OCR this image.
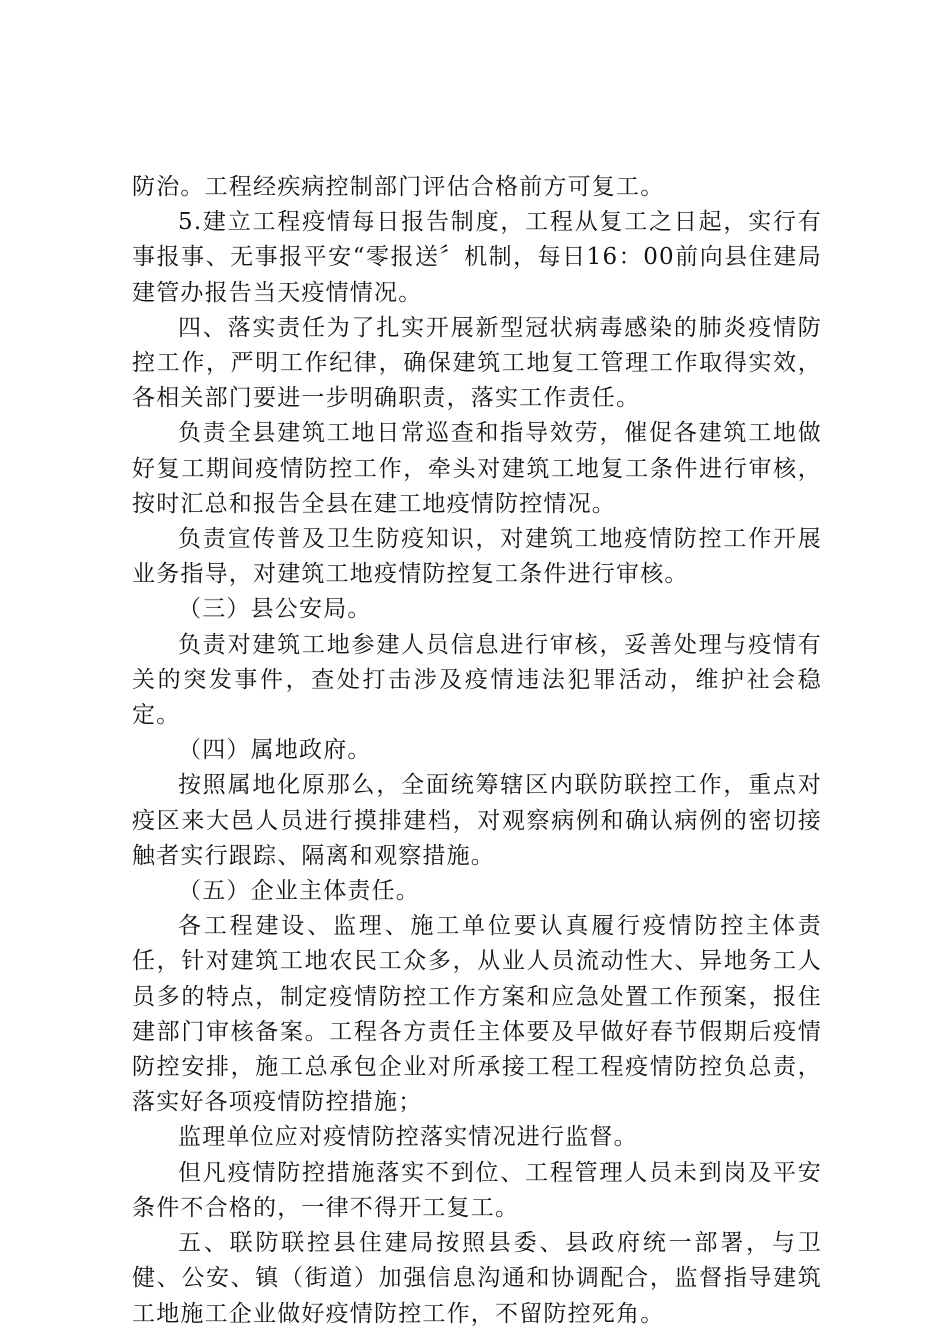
防治。工程经疾病控制部门评估合格前方可复工。

5.建立工程疫情每日报告制度，工程从复工之日起，实行有事报事、无事报平安“零报送〞机制，每日16：00前向县住建局建管办报告当天疫情情况。

四、落实责任为了扎实开展新型冠状病毒感染的肺炎疫情防控工作，严明工作纪律，确保建筑工地复工管理工作取得实效，各相关部门要进一步明确职责，落实工作责任。

负责全县建筑工地日常巡查和指导效劳，催促各建筑工地做好复工期间疫情防控工作，牵头对建筑工地复工条件进行审核，按时汇总和报告全县在建工地疫情防控情况。

负责宣传普及卫生防疫知识，对建筑工地疫情防控工作开展业务指导，对建筑工地疫情防控复工条件进行审核。

（三）县公安局。

负责对建筑工地参建人员信息进行审核，妥善处理与疫情有关的突发事件，查处打击涉及疫情违法犯罪活动，维护社会稳定。

（四）属地政府。

按照属地化原那么，全面统筹辖区内联防联控工作，重点对疫区来大邑人员进行摸排建档，对观察病例和确认病例的密切接触者实行跟踪、隔离和观察措施。

（五）企业主体责任。

各工程建设、监理、施工单位要认真履行疫情防控主体责任，针对建筑工地农民工众多，从业人员流动性大、异地务工人员多的特点，制定疫情防控工作方案和应急处置工作预案，报住建部门审核备案。工程各方责任主体要及早做好春节假期后疫情防控安排，施工总承包企业对所承接工程工程疫情防控负总责，落实好各项疫情防控措施；

监理单位应对疫情防控落实情况进行监督。

但凡疫情防控措施落实不到位、工程管理人员未到岗及平安条件不合格的，一律不得开工复工。

五、联防联控县住建局按照县委、县政府统一部署，与卫健、公安、镇（街道）加强信息沟通和协调配合，监督指导建筑工地施工企业做好疫情防控工作，不留防控死角。
